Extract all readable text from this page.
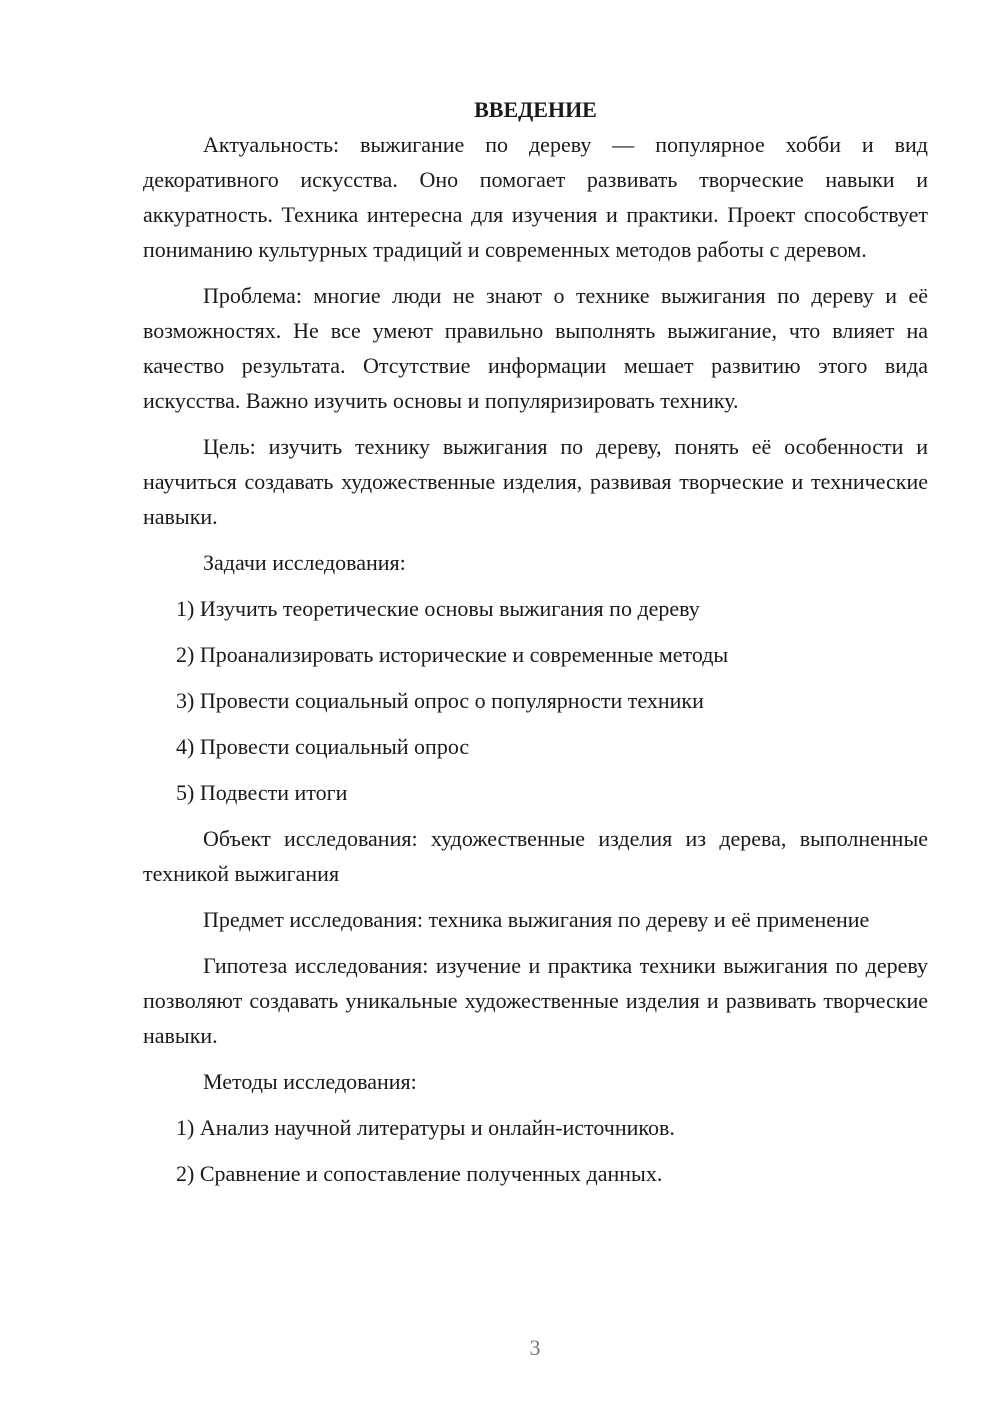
ВВЕДЕНИЕ

Актуальность: выжигание по дереву — популярное хобби и вид декоративного искусства. Оно помогает развивать творческие навыки и аккуратность. Техника интересна для изучения и практики. Проект способствует пониманию культурных традиций и современных методов работы с деревом.

Проблема: многие люди не знают о технике выжигания по дереву и её возможностях. Не все умеют правильно выполнять выжигание, что влияет на качество результата. Отсутствие информации мешает развитию этого вида искусства. Важно изучить основы и популяризировать технику.

Цель: изучить технику выжигания по дереву, понять её особенности и научиться создавать художественные изделия, развивая творческие и технические навыки.

Задачи исследования:

1) Изучить теоретические основы выжигания по дереву

2) Проанализировать исторические и современные методы

3) Провести социальный опрос о популярности техники

4) Провести социальный опрос

5) Подвести итоги

Объект исследования: художественные изделия из дерева, выполненные техникой выжигания

Предмет исследования: техника выжигания по дереву и её применение

Гипотеза исследования: изучение и практика техники выжигания по дереву позволяют создавать уникальные художественные изделия и развивать творческие навыки.

Методы исследования:

1) Анализ научной литературы и онлайн-источников.

2) Сравнение и сопоставление полученных данных.

3
